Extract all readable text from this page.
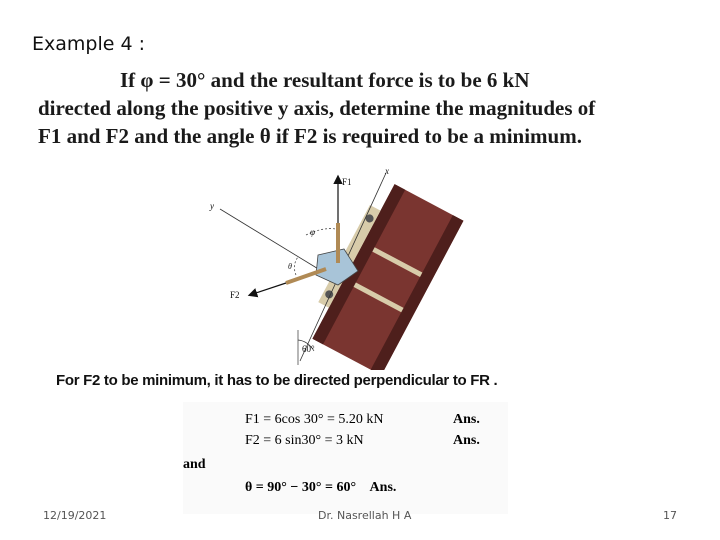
Example 4 :
If φ = 30° and the resultant force is to be 6 kN
directed along the positive y axis, determine the magnitudes of
F1 and F2 and the angle θ if F2 is required to be a minimum.
x
y
60°
F1
F2
φ
θ
For F2 to be minimum, it has to be directed perpendicular to FR .
F1 = 6cos 30° = 5.20 kN	Ans.
F2 = 6 sin30° = 3 kN	Ans.
and
θ = 90° − 30° = 60° Ans.
12/19/2021	Dr. Nasrellah H A	17
